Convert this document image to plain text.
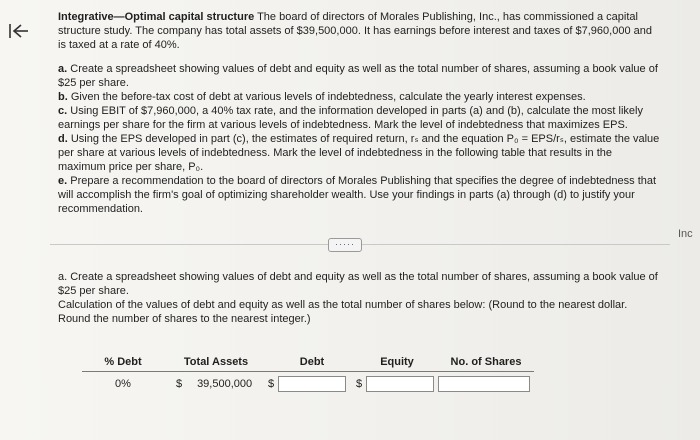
Integrative—Optimal capital structure The board of directors of Morales Publishing, Inc., has commissioned a capital structure study. The company has total assets of $39,500,000. It has earnings before interest and taxes of $7,960,000 and is taxed at a rate of 40%.

a. Create a spreadsheet showing values of debt and equity as well as the total number of shares, assuming a book value of $25 per share.

b. Given the before-tax cost of debt at various levels of indebtedness, calculate the yearly interest expenses.

c. Using EBIT of $7,960,000, a 40% tax rate, and the information developed in parts (a) and (b), calculate the most likely earnings per share for the firm at various levels of indebtedness. Mark the level of indebtedness that maximizes EPS.

d. Using the EPS developed in part (c), the estimates of required return, rₛ and the equation P₀ = EPS/rₛ, estimate the value per share at various levels of indebtedness. Mark the level of indebtedness in the following table that results in the maximum price per share, P₀.

e. Prepare a recommendation to the board of directors of Morales Publishing that specifies the degree of indebtedness that will accomplish the firm's goal of optimizing shareholder wealth. Use your findings in parts (a) through (d) to justify your recommendation.

Inc
·····

a. Create a spreadsheet showing values of debt and equity as well as the total number of shares, assuming a book value of $25 per share.

Calculation of the values of debt and equity as well as the total number of shares below: (Round to the nearest dollar. Round the number of shares to the nearest integer.)

% Debt	Total Assets	Debt	Equity	No. of Shares
0%	$ 39,500,000	$	$	
